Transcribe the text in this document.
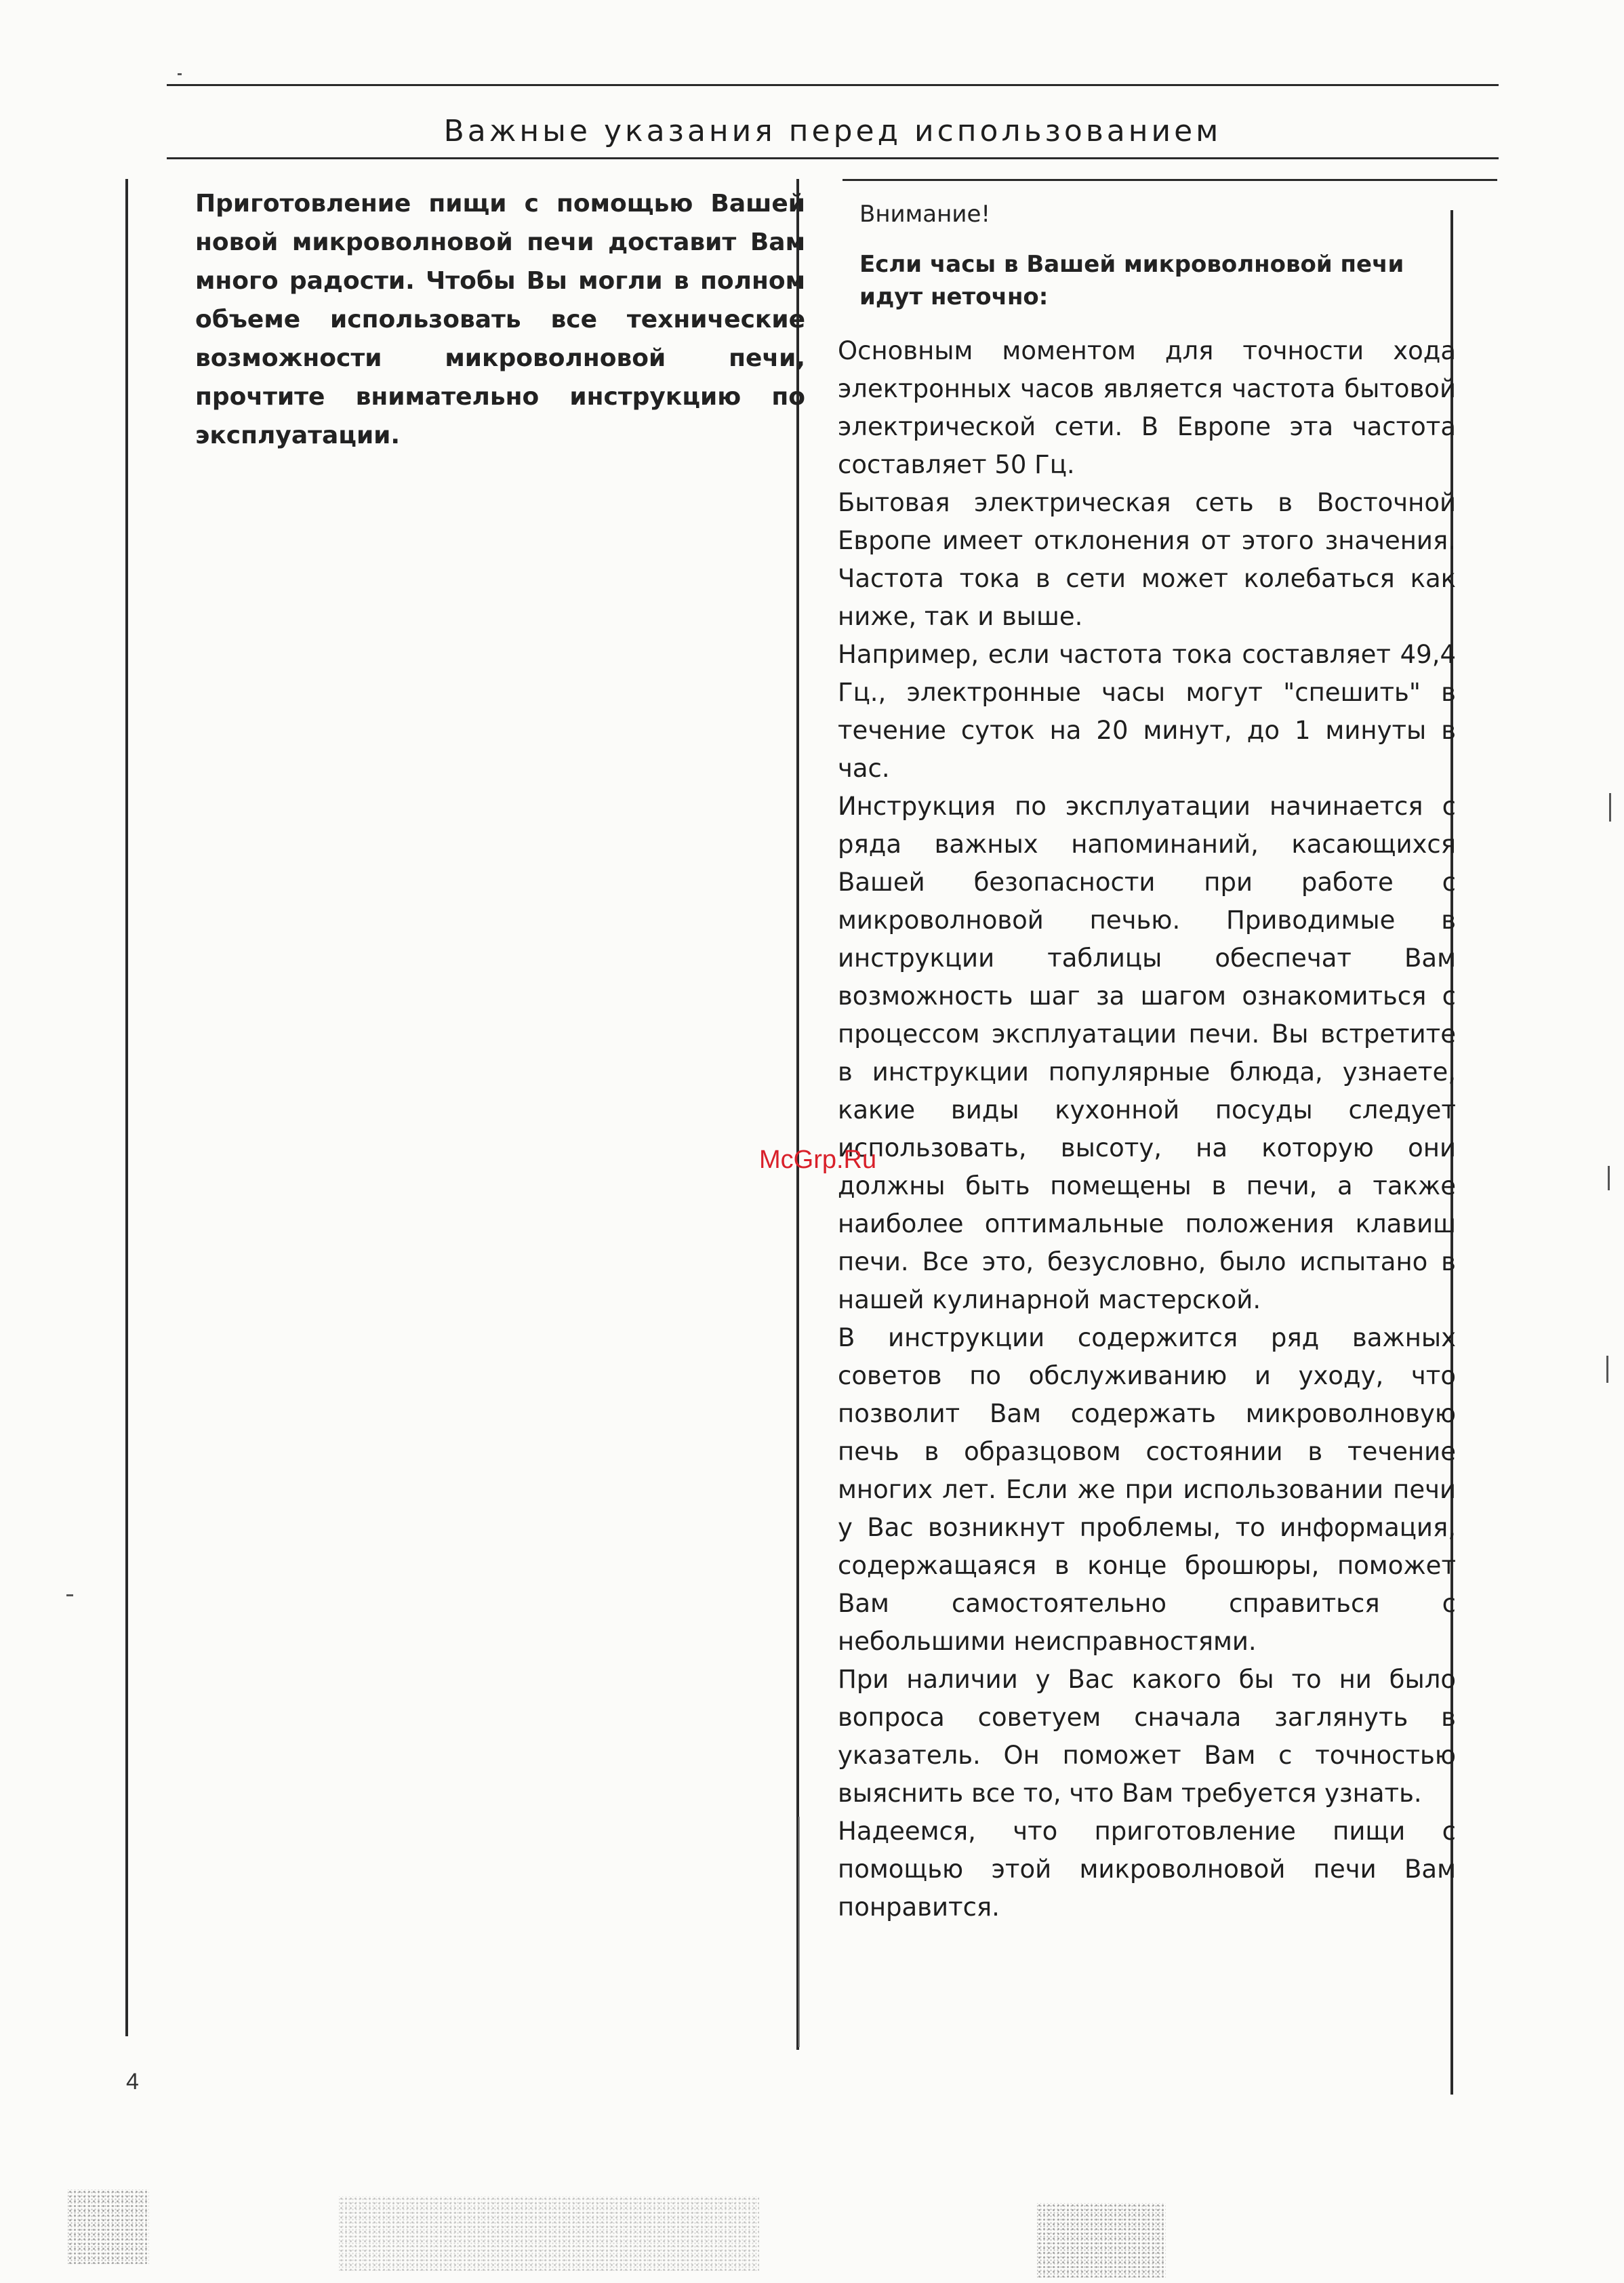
Важные указания перед использованием

Приготовление пищи с помощью Вашей новой микроволновой печи доставит Вам много радости. Чтобы Вы могли в полном объеме использовать все технические возможности микроволновой печи, прочтите внимательно инструкцию по эксплуатации.

Внимание!

Если часы в Вашей микроволновой печи идут неточно:

Основным моментом для точности хода электронных часов является частота бытовой электрической сети. В Европе эта частота составляет 50 Гц.

Бытовая электрическая сеть в Восточной Европе имеет отклонения от этого значения. Частота тока в сети может колебаться как ниже, так и выше.

Например, если частота тока составляет 49,4 Гц., электронные часы могут "спешить" в течение суток на 20 минут, до 1 минуты в час.

Инструкция по эксплуатации начинается с ряда важных напоминаний, касающихся Вашей безопасности при работе с микроволновой печью. Приводимые в инструкции таблицы обеспечат Вам возможность шаг за шагом ознакомиться с процессом эксплуатации печи. Вы встретите в инструкции популярные блюда, узнаете, какие виды кухонной посуды следует использовать, высоту, на которую они должны быть помещены в печи, а также наиболее оптимальные положения клавиш печи. Все это, безусловно, было испытано в нашей кулинарной мастерской.

В инструкции содержится ряд важных советов по обслуживанию и уходу, что позволит Вам содержать микроволновую печь в образцовом состоянии в течение многих лет. Если же при использовании печи у Вас возникнут проблемы, то информация, содержащаяся в конце брошюры, поможет Вам самостоятельно справиться с небольшими неисправностями.

При наличии у Вас какого бы то ни было вопроса советуем сначала заглянуть в указатель. Он поможет Вам с точностью выяснить все то, что Вам требуется узнать.

Надеемся, что приготовление пищи с помощью этой микроволновой печи Вам понравится.

McGrp.Ru
4
